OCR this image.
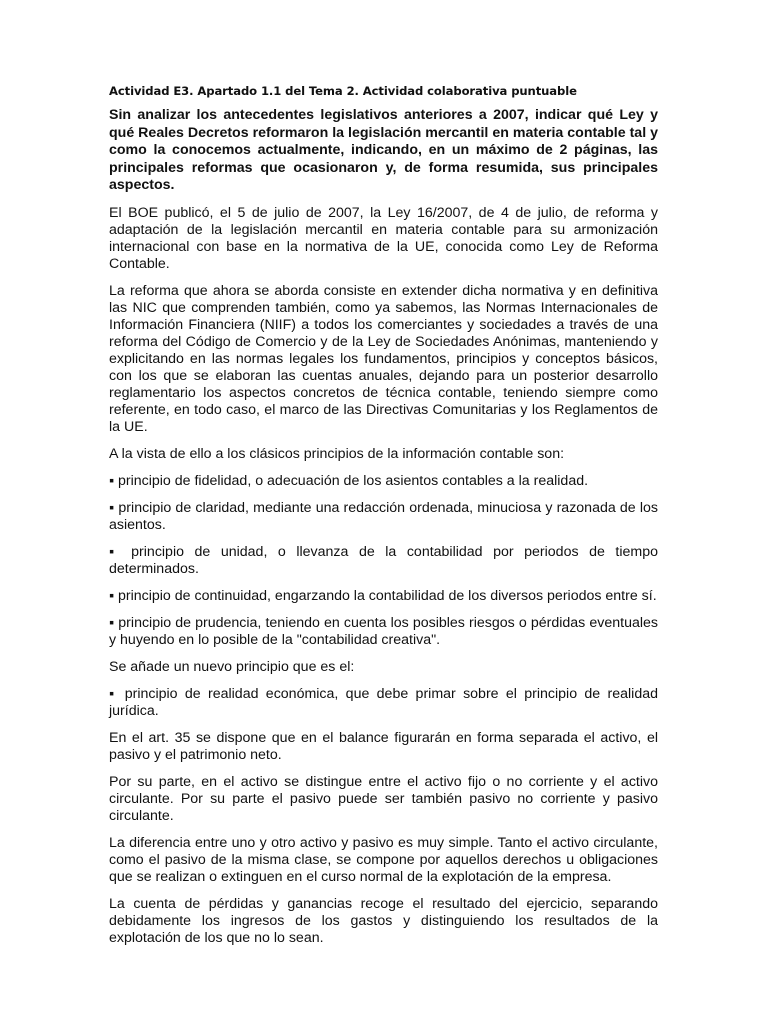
Actividad E3. Apartado 1.1 del Tema 2. Actividad colaborativa puntuable

Sin analizar los antecedentes legislativos anteriores a 2007, indicar qué Ley y qué Reales Decretos reformaron la legislación mercantil en materia contable tal y como la conocemos actualmente, indicando, en un máximo de 2 páginas, las principales reformas que ocasionaron y, de forma resumida, sus principales aspectos.

El BOE publicó, el 5 de julio de 2007, la Ley 16/2007, de 4 de julio, de reforma y adaptación de la legislación mercantil en materia contable para su armonización internacional con base en la normativa de la UE, conocida como Ley de Reforma Contable.

La reforma que ahora se aborda consiste en extender dicha normativa y en definitiva las NIC que comprenden también, como ya sabemos, las Normas Internacionales de Información Financiera (NIIF) a todos los comerciantes y sociedades a través de una reforma del Código de Comercio y de la Ley de Sociedades Anónimas, manteniendo y explicitando en las normas legales los fundamentos, principios y conceptos básicos, con los que se elaboran las cuentas anuales, dejando para un posterior desarrollo reglamentario los aspectos concretos de técnica contable, teniendo siempre como referente, en todo caso, el marco de las Directivas Comunitarias y los Reglamentos de la UE.

A la vista de ello a los clásicos principios de la información contable son:

▪ principio de fidelidad, o adecuación de los asientos contables a la realidad.

▪ principio de claridad, mediante una redacción ordenada, minuciosa y razonada de los asientos.

▪ principio de unidad, o llevanza de la contabilidad por periodos de tiempo determinados.

▪ principio de continuidad, engarzando la contabilidad de los diversos periodos entre sí.

▪ principio de prudencia, teniendo en cuenta los posibles riesgos o pérdidas eventuales y huyendo en lo posible de la "contabilidad creativa".

Se añade un nuevo principio que es el:

▪ principio de realidad económica, que debe primar sobre el principio de realidad jurídica.

En el art. 35 se dispone que en el balance figurarán en forma separada el activo, el pasivo y el patrimonio neto.

Por su parte, en el activo se distingue entre el activo fijo o no corriente y el activo circulante. Por su parte el pasivo puede ser también pasivo no corriente y pasivo circulante.

La diferencia entre uno y otro activo y pasivo es muy simple. Tanto el activo circulante, como el pasivo de la misma clase, se compone por aquellos derechos u obligaciones que se realizan o extinguen en el curso normal de la explotación de la empresa.

La cuenta de pérdidas y ganancias recoge el resultado del ejercicio, separando debidamente los ingresos de los gastos y distinguiendo los resultados de la explotación de los que no lo sean.
